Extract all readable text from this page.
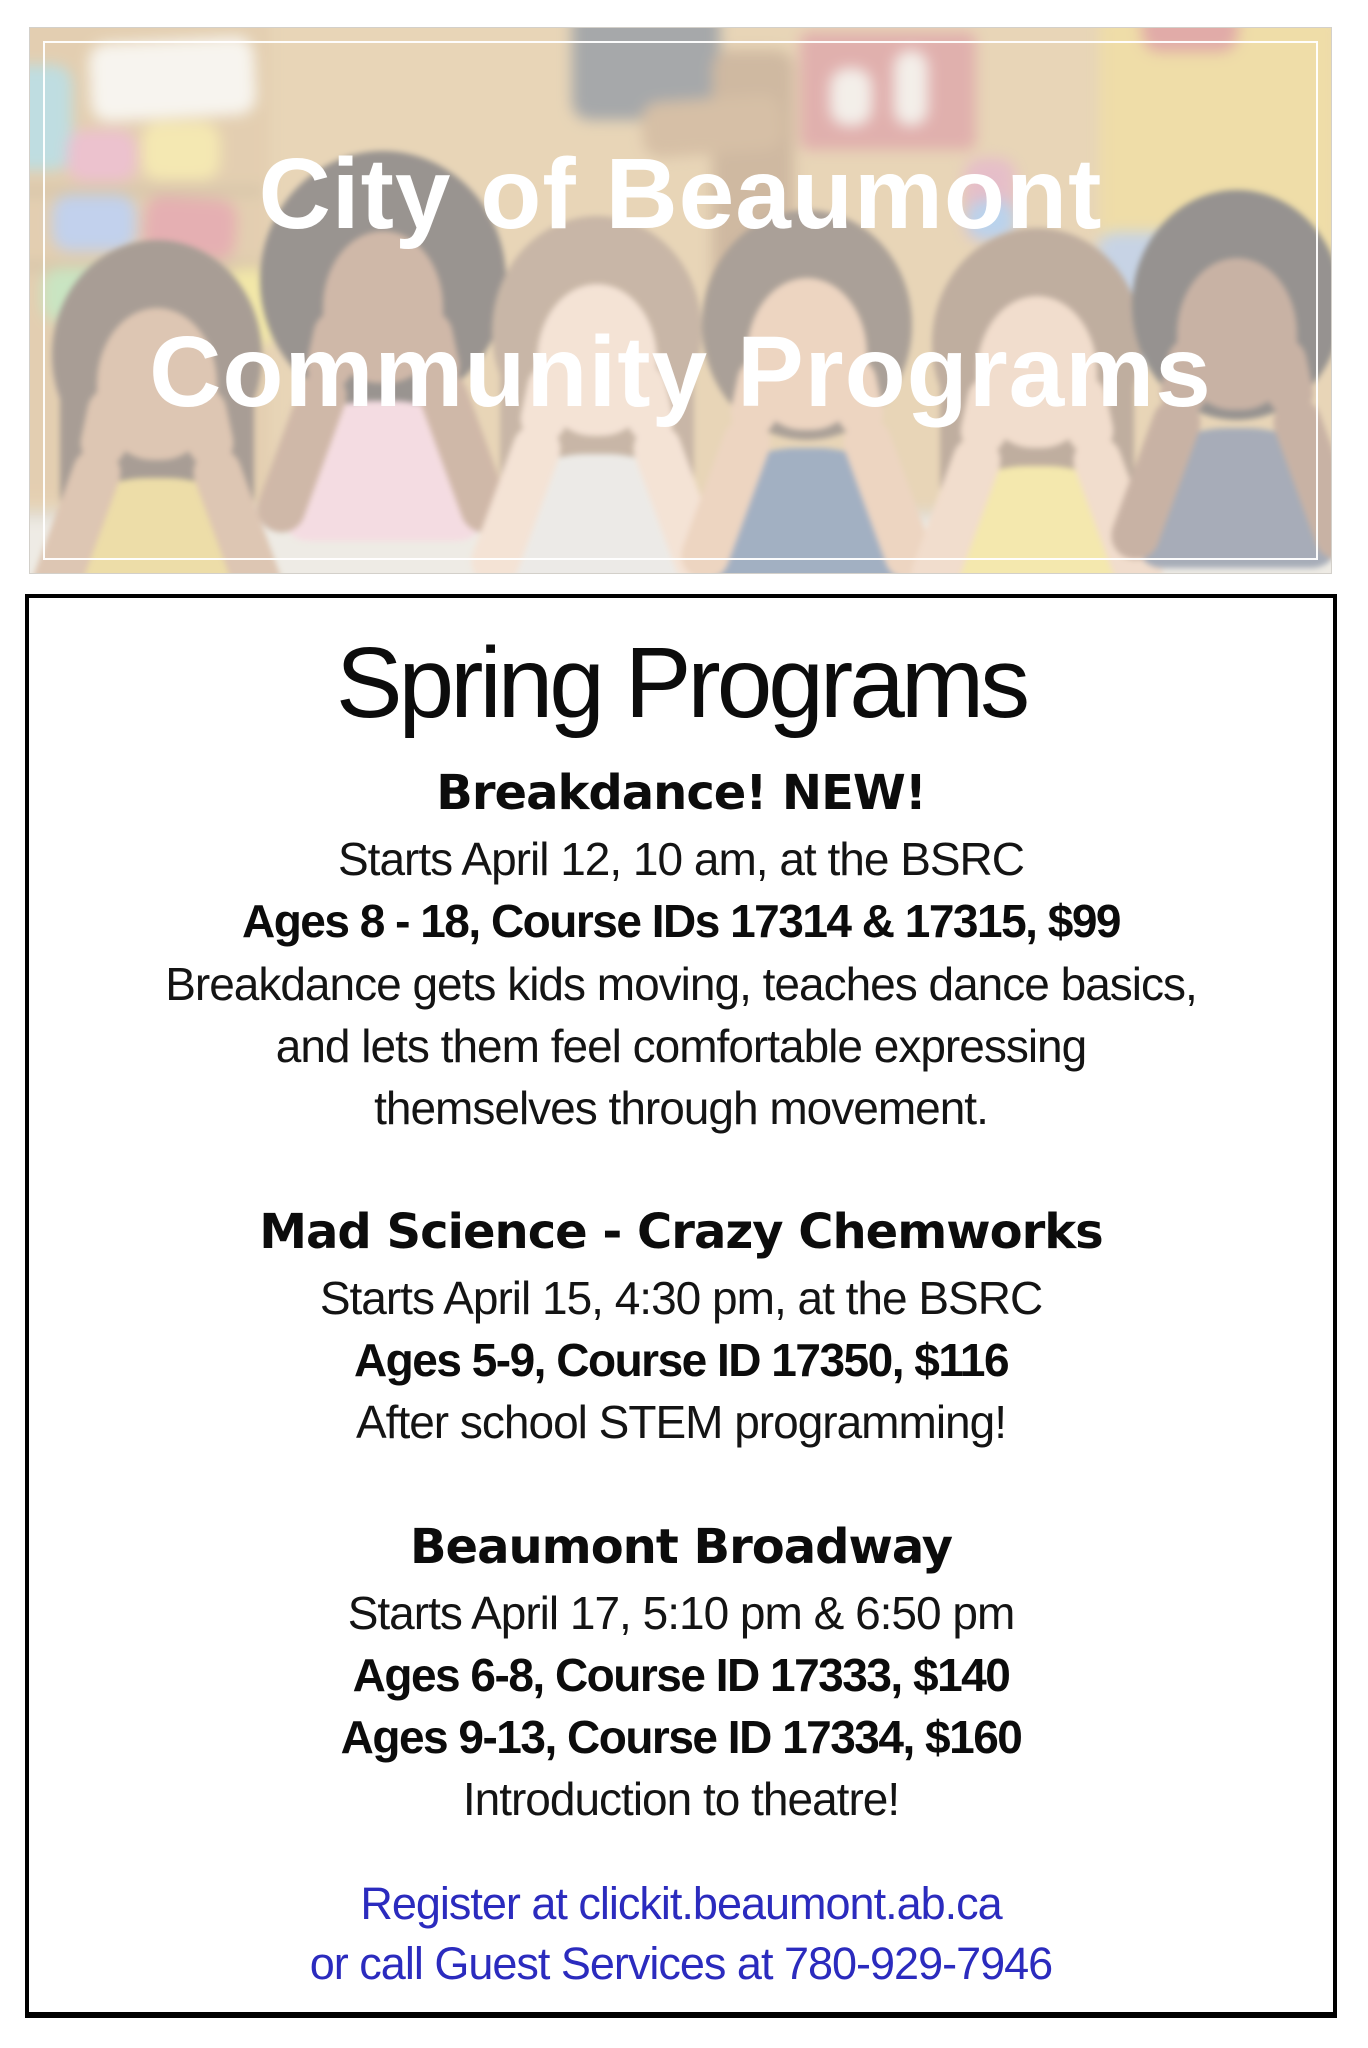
City of Beaumont
Community Programs
Spring Programs
Breakdance! NEW!

Starts April 12, 10 am, at the BSRC

Ages 8 - 18, Course IDs 17314 & 17315, $99

Breakdance gets kids moving, teaches dance basics,

and lets them feel comfortable expressing

themselves through movement.

Mad Science - Crazy Chemworks

Starts April 15, 4:30 pm, at the BSRC

Ages 5-9, Course ID 17350, $116

After school STEM programming!

Beaumont Broadway

Starts April 17, 5:10 pm & 6:50 pm

Ages 6-8, Course ID 17333, $140

Ages 9-13, Course ID 17334, $160

Introduction to theatre!

Register at clickit.beaumont.ab.ca

or call Guest Services at 780-929-7946
